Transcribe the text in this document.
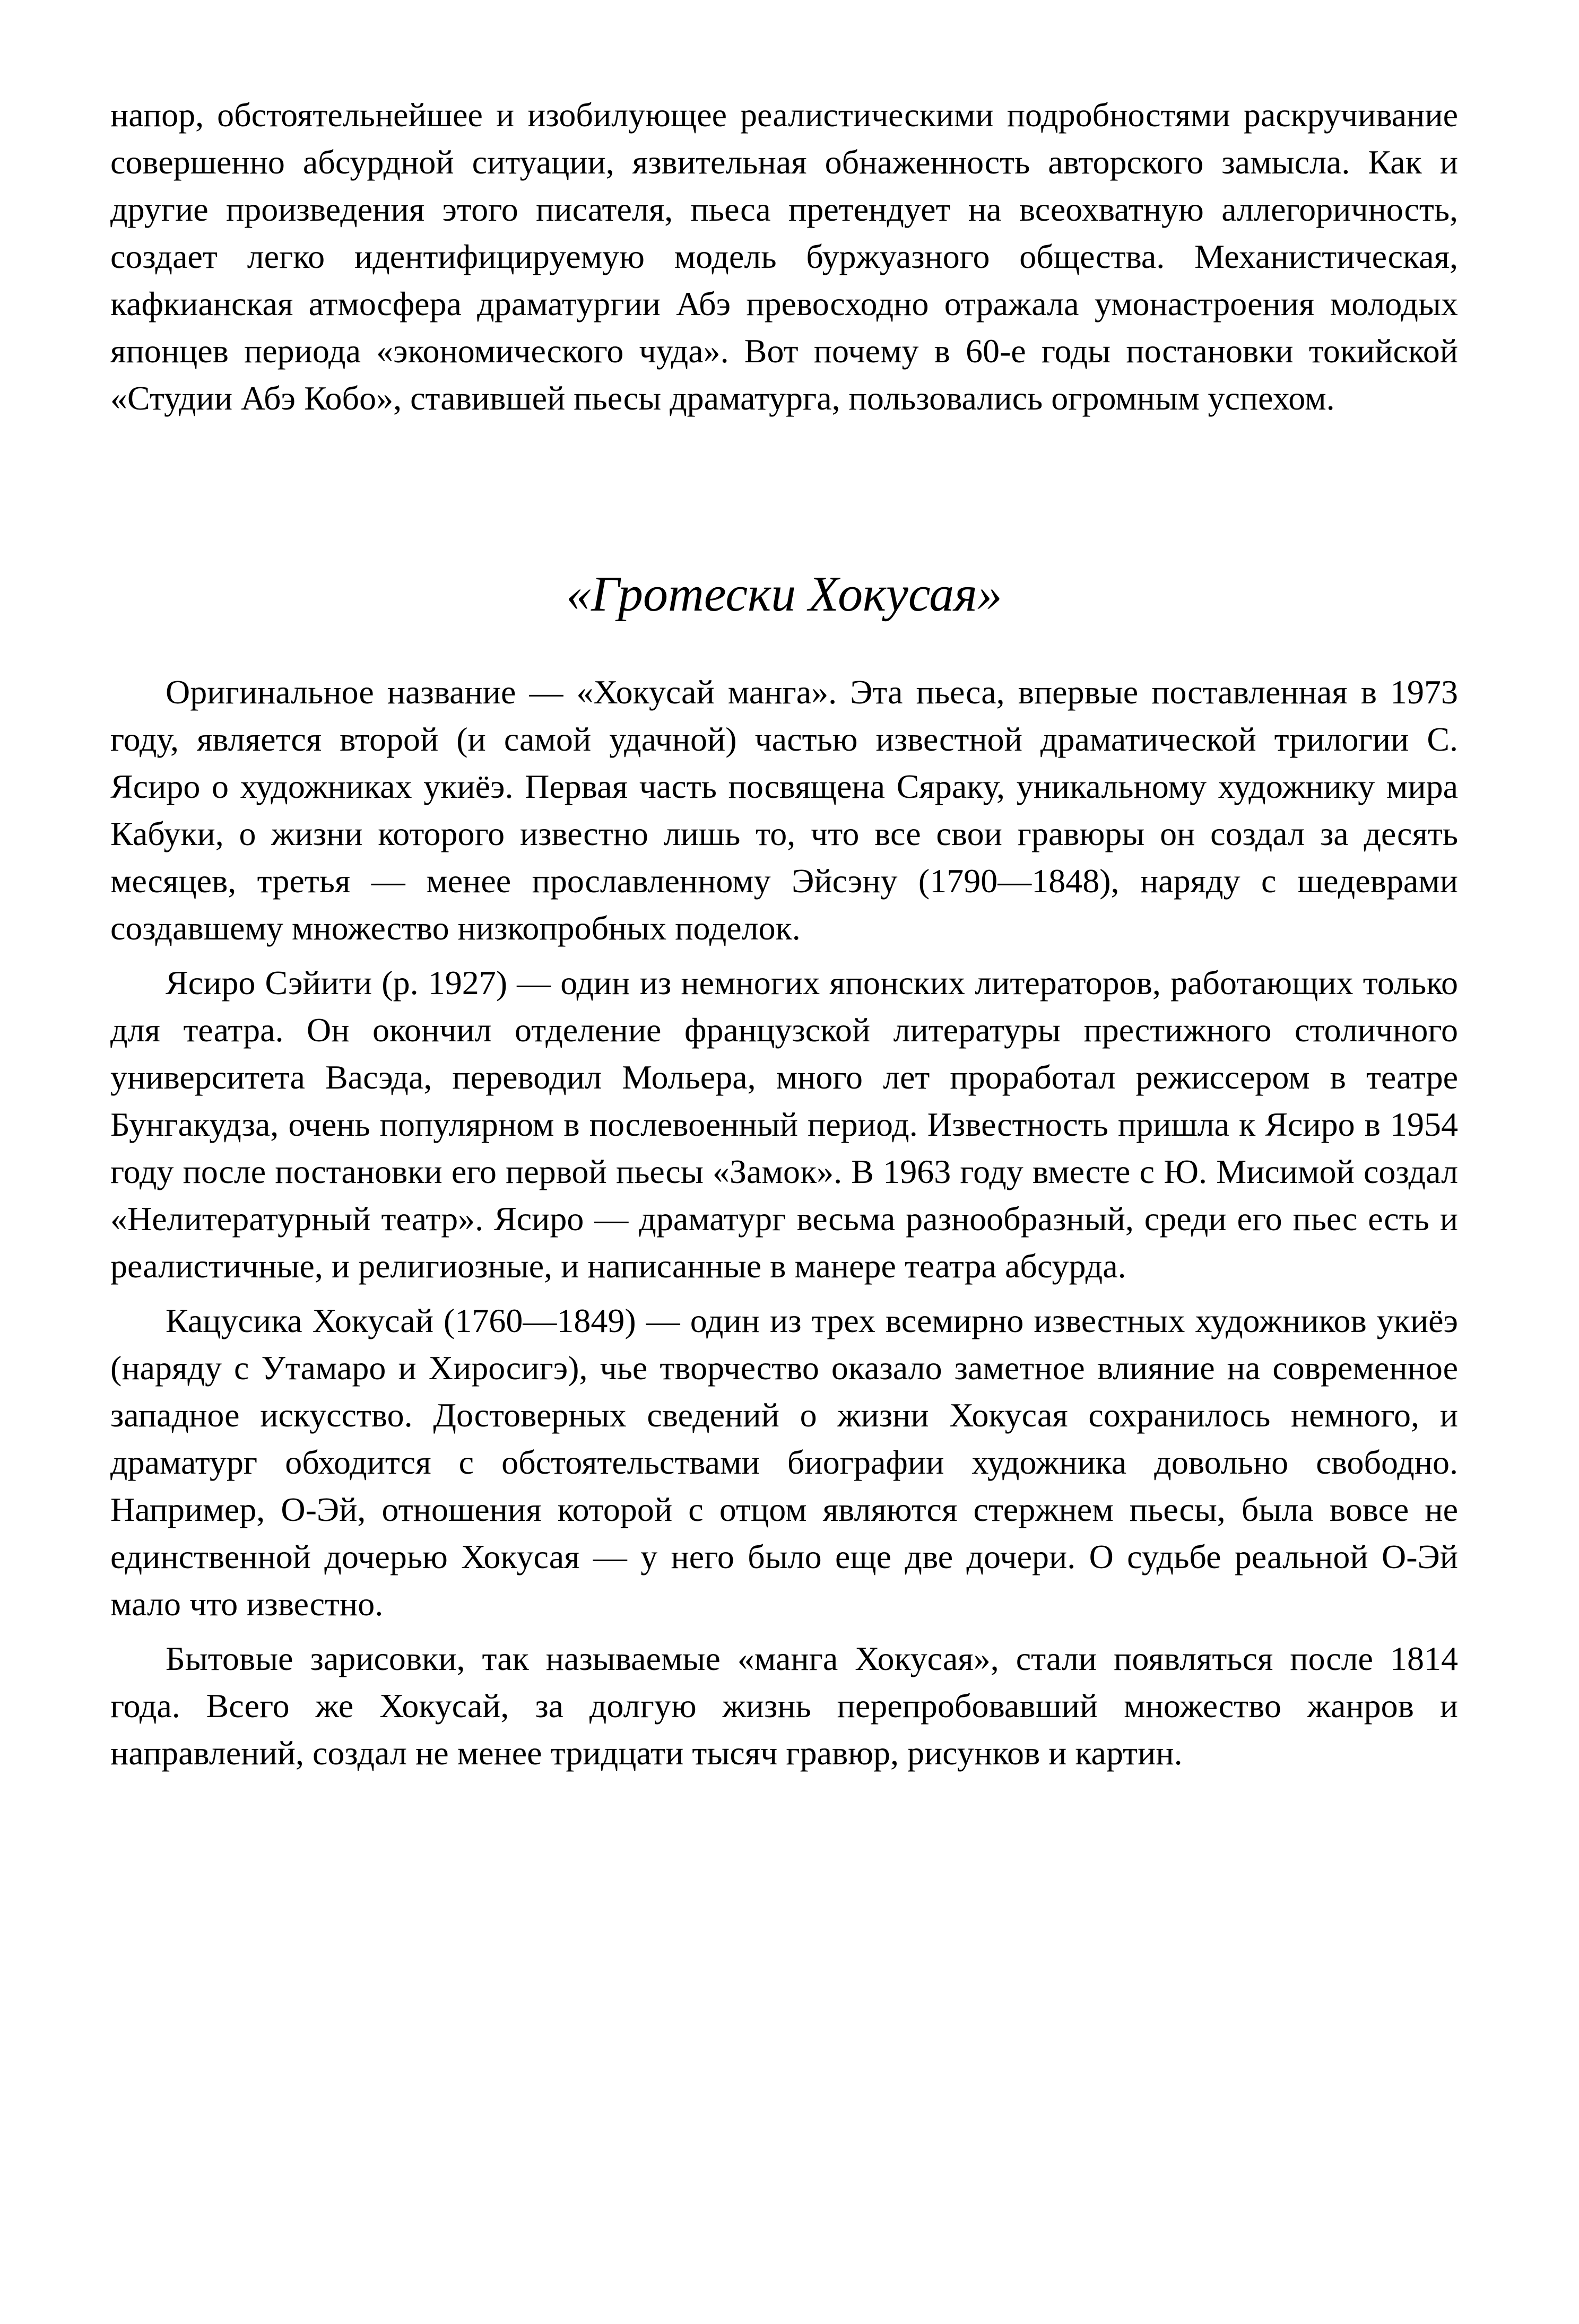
напор, обстоятельнейшее и изобилующее реалистическими подробностями раскручивание совершенно абсурдной ситуации, язвительная обнаженность авторского замысла. Как и другие произведения этого писателя, пьеса претендует на всеохватную аллегоричность, создает легко идентифицируемую модель буржуазного общества. Механистическая, кафкианская атмосфера драматургии Абэ превосходно отражала умонастроения молодых японцев периода «экономического чуда». Вот почему в 60-е годы постановки токийской «Студии Абэ Кобо», ставившей пьесы драматурга, пользовались огромным успехом.

«Гротески Хокусая»

Оригинальное название — «Хокусай манга». Эта пьеса, впервые поставленная в 1973 году, является второй (и самой удачной) частью известной драматической трилогии С. Ясиро о художниках укиёэ. Первая часть посвящена Сяраку, уникальному художнику мира Кабуки, о жизни которого известно лишь то, что все свои гравюры он создал за десять месяцев, третья — менее прославленному Эйсэну (1790—1848), наряду с шедеврами создавшему множество низкопробных поделок.

Ясиро Сэйити (р. 1927) — один из немногих японских литераторов, работающих только для театра. Он окончил отделение французской литературы престижного столичного университета Васэда, переводил Мольера, много лет проработал режиссером в театре Бунгакудза, очень популярном в послевоенный период. Известность пришла к Ясиро в 1954 году после постановки его первой пьесы «Замок». В 1963 году вместе с Ю. Мисимой создал «Нелитературный театр». Ясиро — драматург весьма разнообразный, среди его пьес есть и реалистичные, и религиозные, и написанные в манере театра абсурда.

Кацусика Хокусай (1760—1849) — один из трех всемирно известных художников укиёэ (наряду с Утамаро и Хиросигэ), чье творчество оказало заметное влияние на современное западное искусство. Достоверных сведений о жизни Хокусая сохранилось немного, и драматург обходится с обстоятельствами биографии художника довольно свободно. Например, О-Эй, отношения которой с отцом являются стержнем пьесы, была вовсе не единственной дочерью Хокусая — у него было еще две дочери. О судьбе реальной О-Эй мало что известно.

Бытовые зарисовки, так называемые «манга Хокусая», стали появляться после 1814 года. Всего же Хокусай, за долгую жизнь перепробовавший множество жанров и направлений, создал не менее тридцати тысяч гравюр, рисунков и картин.
